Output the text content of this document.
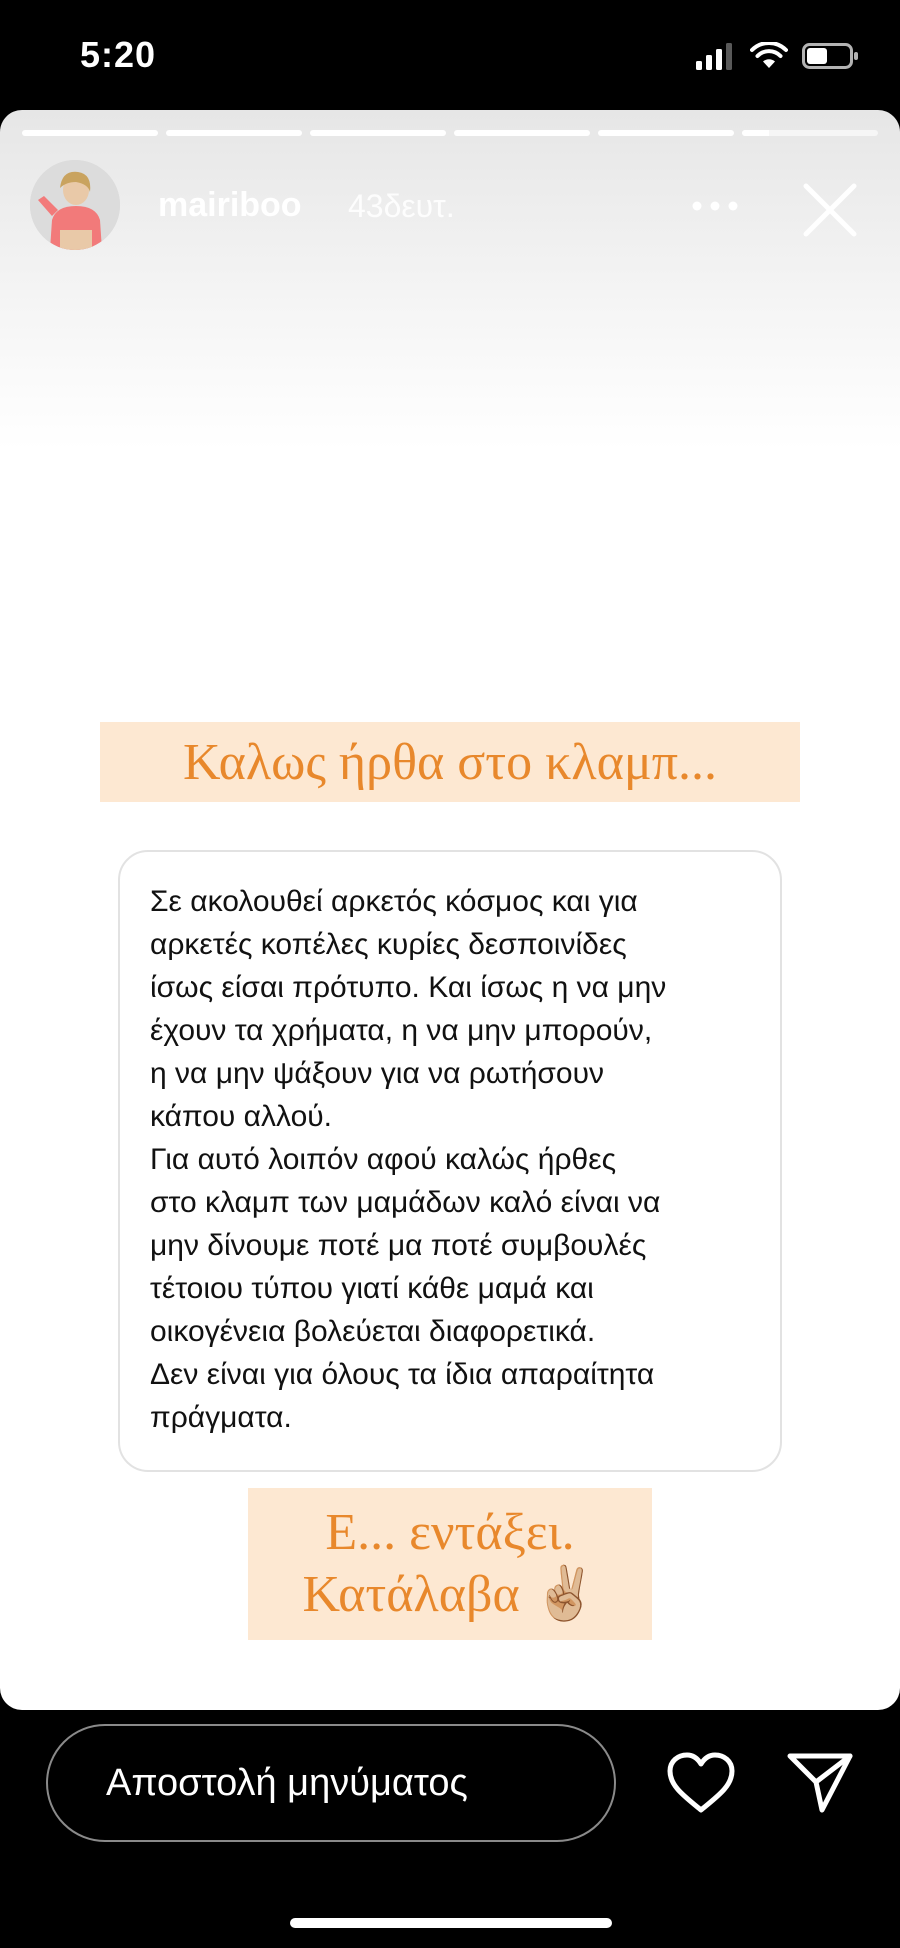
5:20
mairiboo 43δευτ.
Καλως ήρθα στο κλαμπ...
Σε ακολουθεί αρκετός κόσμος και για
αρκετές κοπέλες κυρίες δεσποινίδες
ίσως είσαι πρότυπο. Και ίσως η να μην
έχουν τα χρήματα, η να μην μπορούν,
η να μην ψάξουν για να ρωτήσουν
κάπου αλλού.
Για αυτό λοιπόν αφού καλώς ήρθες
στο κλαμπ των μαμάδων καλό είναι να
μην δίνουμε ποτέ μα ποτέ συμβουλές
τέτοιου τύπου γιατί κάθε μαμά και
οικογένεια βολεύεται διαφορετικά.
Δεν είναι για όλους τα ίδια απαραίτητα
πράγματα.
Ε... εντάξει.
Κατάλαβα ✌🏼
Αποστολή μηνύματος
